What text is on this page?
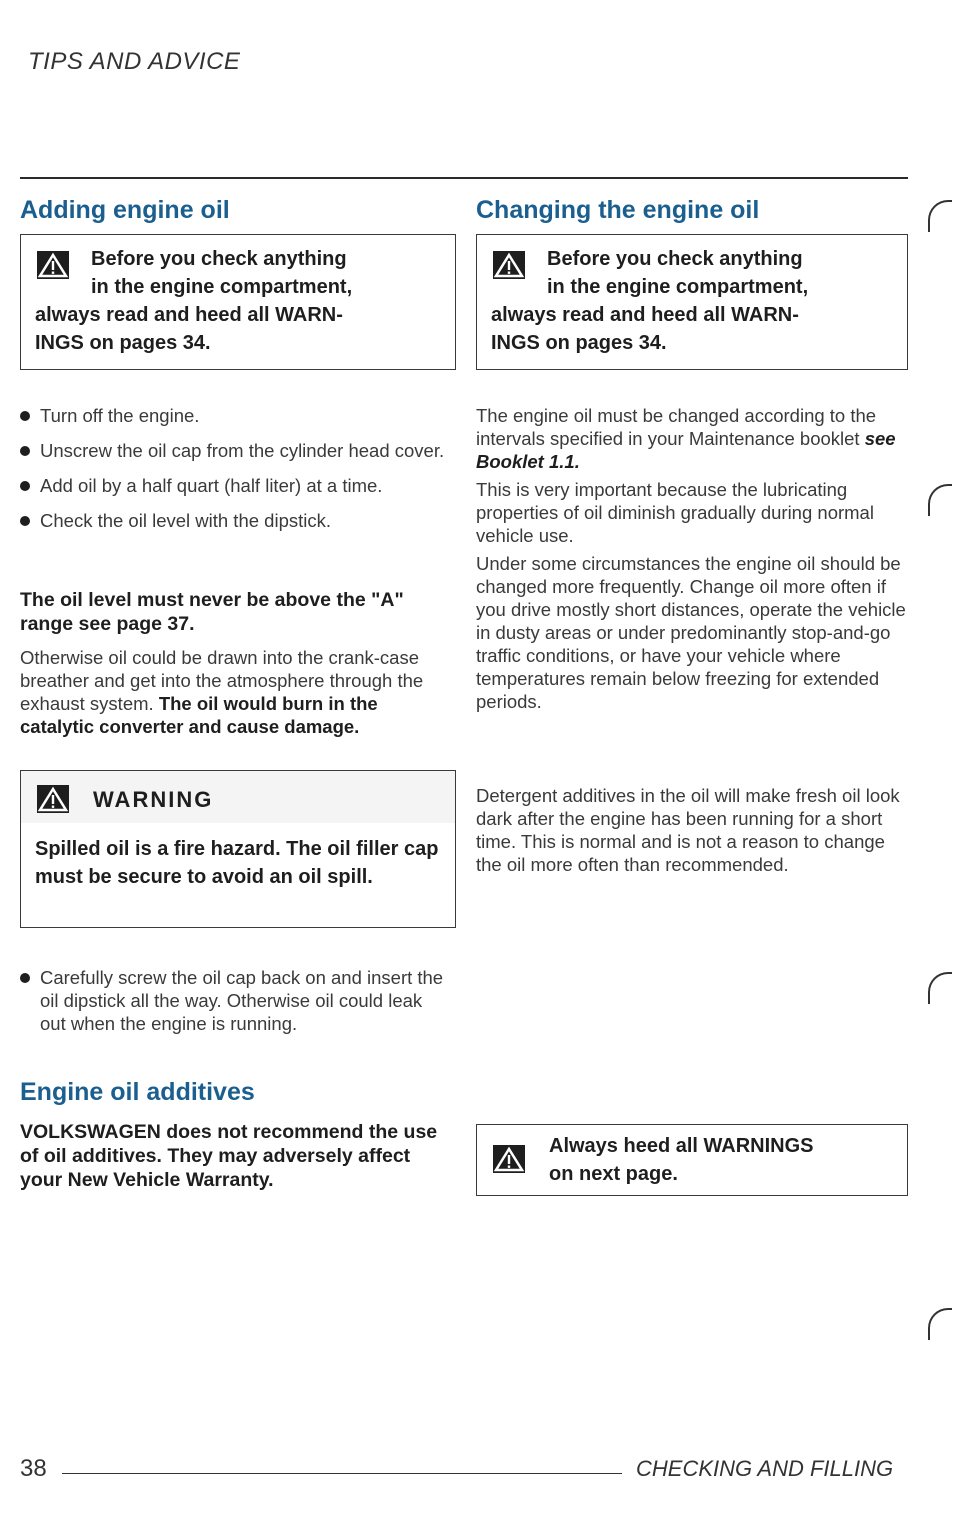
TIPS AND ADVICE
Adding engine oil
Before you check anything
in the engine compartment,
always read and heed all WARN-
INGS on pages 34.
Turn off the engine.
Unscrew the oil cap from the cylinder head cover.
Add oil by a half quart (half liter) at a time.
Check the oil level with the dipstick.
The oil level must never be above the "A" range see page 37.
Otherwise oil could be drawn into the crank-case breather and get into the atmosphere through the exhaust system. The oil would burn in the catalytic converter and cause damage.
WARNING
Spilled oil is a fire hazard. The oil filler cap must be secure to avoid an oil spill.
Carefully screw the oil cap back on and insert the oil dipstick all the way. Otherwise oil could leak out when the engine is running.
Engine oil additives
VOLKSWAGEN does not recommend the use of oil additives. They may adversely affect your New Vehicle Warranty.
Changing the engine oil
Before you check anything
in the engine compartment,
always read and heed all WARN-
INGS on pages 34.
The engine oil must be changed according to the intervals specified in your Maintenance booklet see Booklet 1.1.
This is very important because the lubricating properties of oil diminish gradually during normal vehicle use.
Under some circumstances the engine oil should be changed more frequently. Change oil more often if you drive mostly short distances, operate the vehicle in dusty areas or under predominantly stop-and-go traffic conditions, or have your vehicle where temperatures remain below freezing for extended periods.
Detergent additives in the oil will make fresh oil look dark after the engine has been running for a short time. This is normal and is not a reason to change the oil more often than recommended.
Always heed all WARNINGS
on next page.
38	CHECKING AND FILLING
